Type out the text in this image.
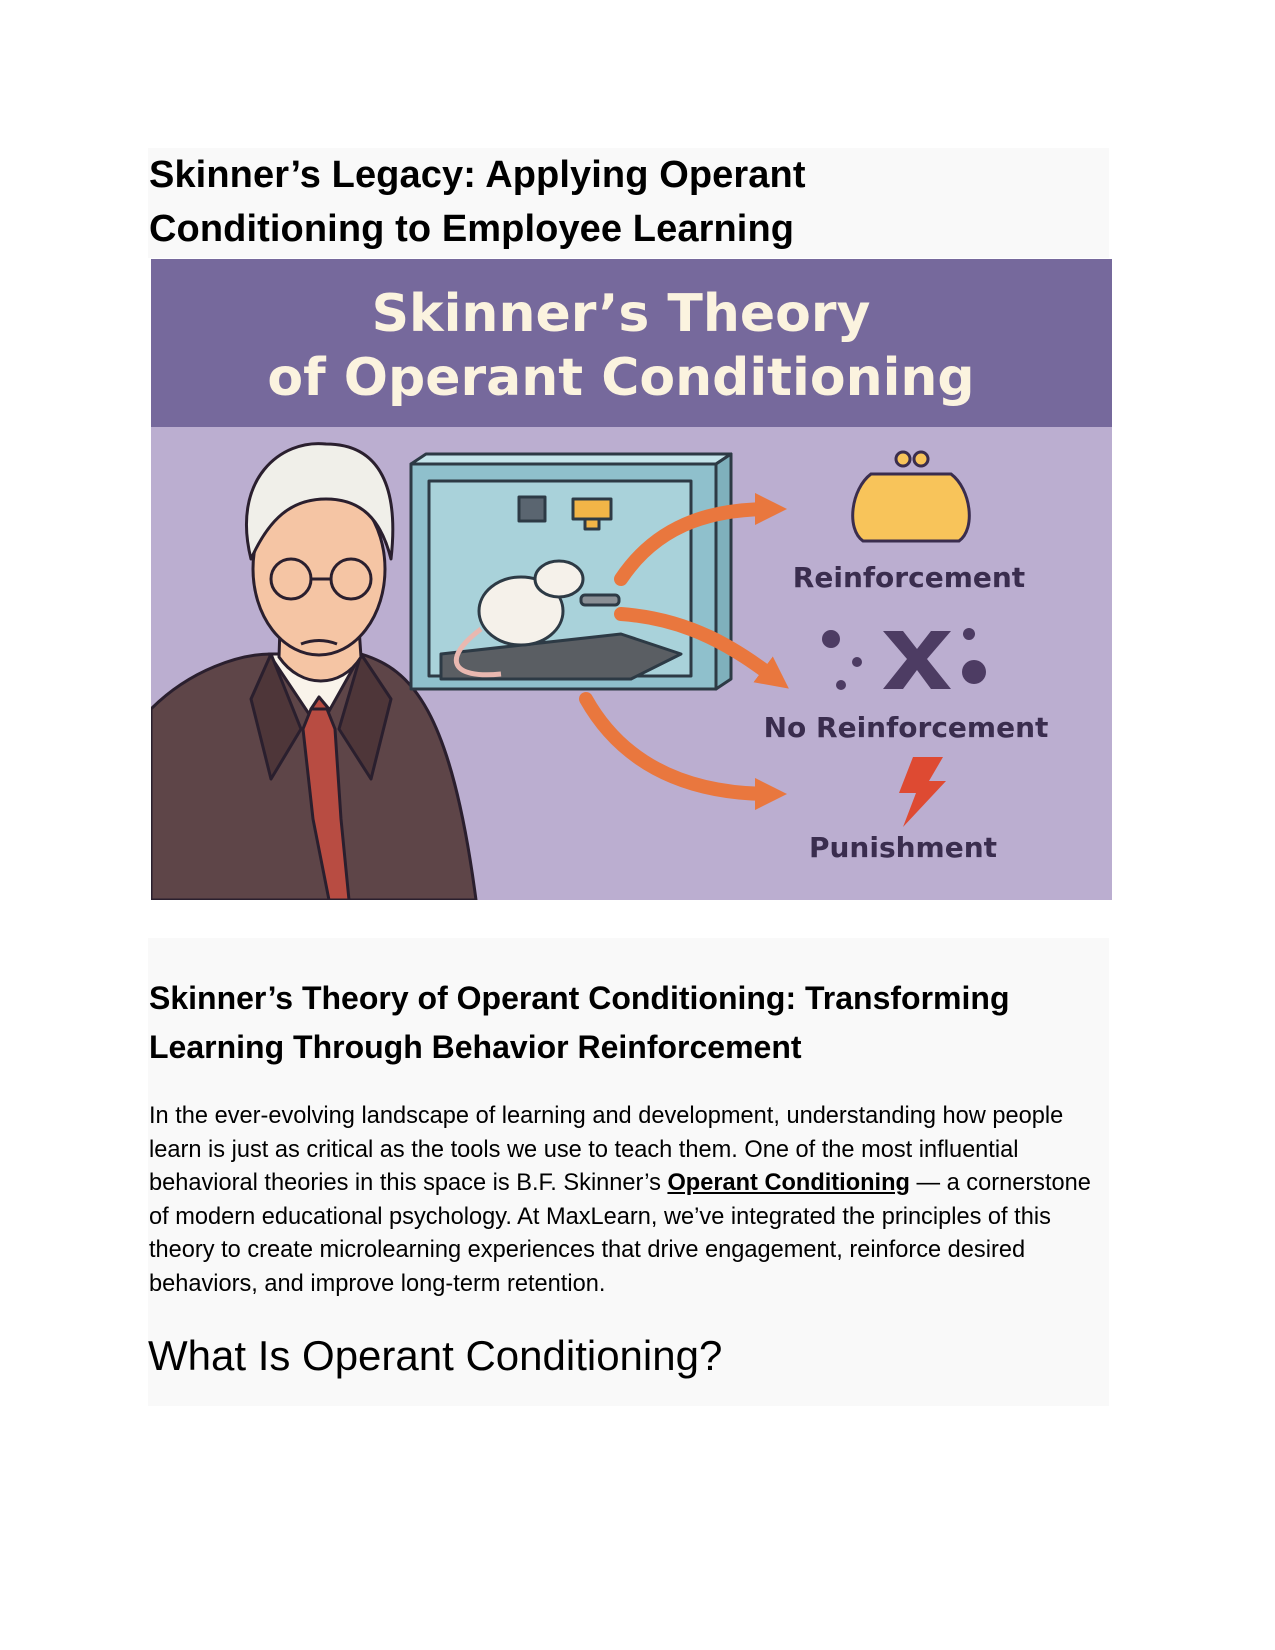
Skinner’s Legacy: Applying Operant
Conditioning to Employee Learning
Skinner’s Theory
of Operant Conditioning
Reinforcement
No Reinforcement
Punishment
Skinner’s Theory of Operant Conditioning: Transforming
Learning Through Behavior Reinforcement

In the ever-evolving landscape of learning and development, understanding how people learn is just as critical as the tools we use to teach them. One of the most influential behavioral theories in this space is B.F. Skinner’s Operant Conditioning — a cornerstone of modern educational psychology. At MaxLearn, we’ve integrated the principles of this theory to create microlearning experiences that drive engagement, reinforce desired behaviors, and improve long-term retention.

What Is Operant Conditioning?
